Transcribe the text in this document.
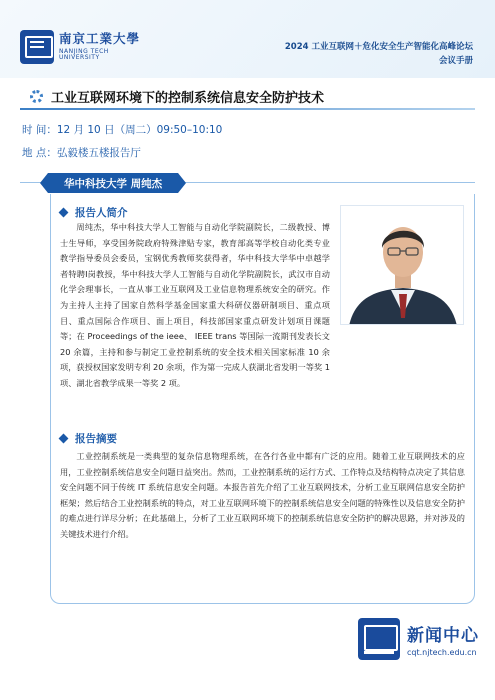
南京工業大學
NANJING TECH UNIVERSITY
2024 工业互联网＋危化安全生产智能化高峰论坛
会议手册
工业互联网环境下的控制系统信息安全防护技术
时 间：12 月 10 日（周二）09:50–10:10
地 点：弘毅楼五楼报告厅
华中科技大学 周纯杰
报告人简介
周纯杰，华中科技大学人工智能与自动化学院副院长，二级教授、博士生导师，享受国务院政府特殊津贴专家，教育部高等学校自动化类专业教学指导委员会委员，宝钢优秀教师奖获得者，华中科技大学华中卓越学者特聘Ⅰ岗教授，华中科技大学人工智能与自动化学院副院长，武汉市自动化学会理事长，一直从事工业互联网及工业信息物理系统安全的研究。作为主持人主持了国家自然科学基金国家重大科研仪器研制项目、重点项目、重点国际合作项目、面上项目，科技部国家重点研发计划项目课题等；在 Proceedings of the ieee、 IEEE trans 等国际一流期刊发表长文 20 余篇，主持和参与制定工业控制系统的安全技术相关国家标准 10 余项，获授权国家发明专利 20 余项，作为第一完成人获湖北省发明一等奖 1 项、湖北省教学成果一等奖 2 项。
报告摘要
工业控制系统是一类典型的复杂信息物理系统，在各行各业中都有广泛的应用。随着工业互联网技术的应用，工业控制系统信息安全问题日益突出。然而，工业控制系统的运行方式、工作特点及结构特点决定了其信息安全问题不同于传统 IT 系统信息安全问题。本报告首先介绍了工业互联网技术，分析工业互联网信息安全防护框架；然后结合工业控制系统的特点，对工业互联网环境下的控制系统信息安全问题的特殊性以及信息安全防护的难点进行详尽分析；在此基础上，分析了工业互联网环境下的控制系统信息安全防护的解决思路，并对涉及的关键技术进行介绍。
新闻中心
cqt.njtech.edu.cn
